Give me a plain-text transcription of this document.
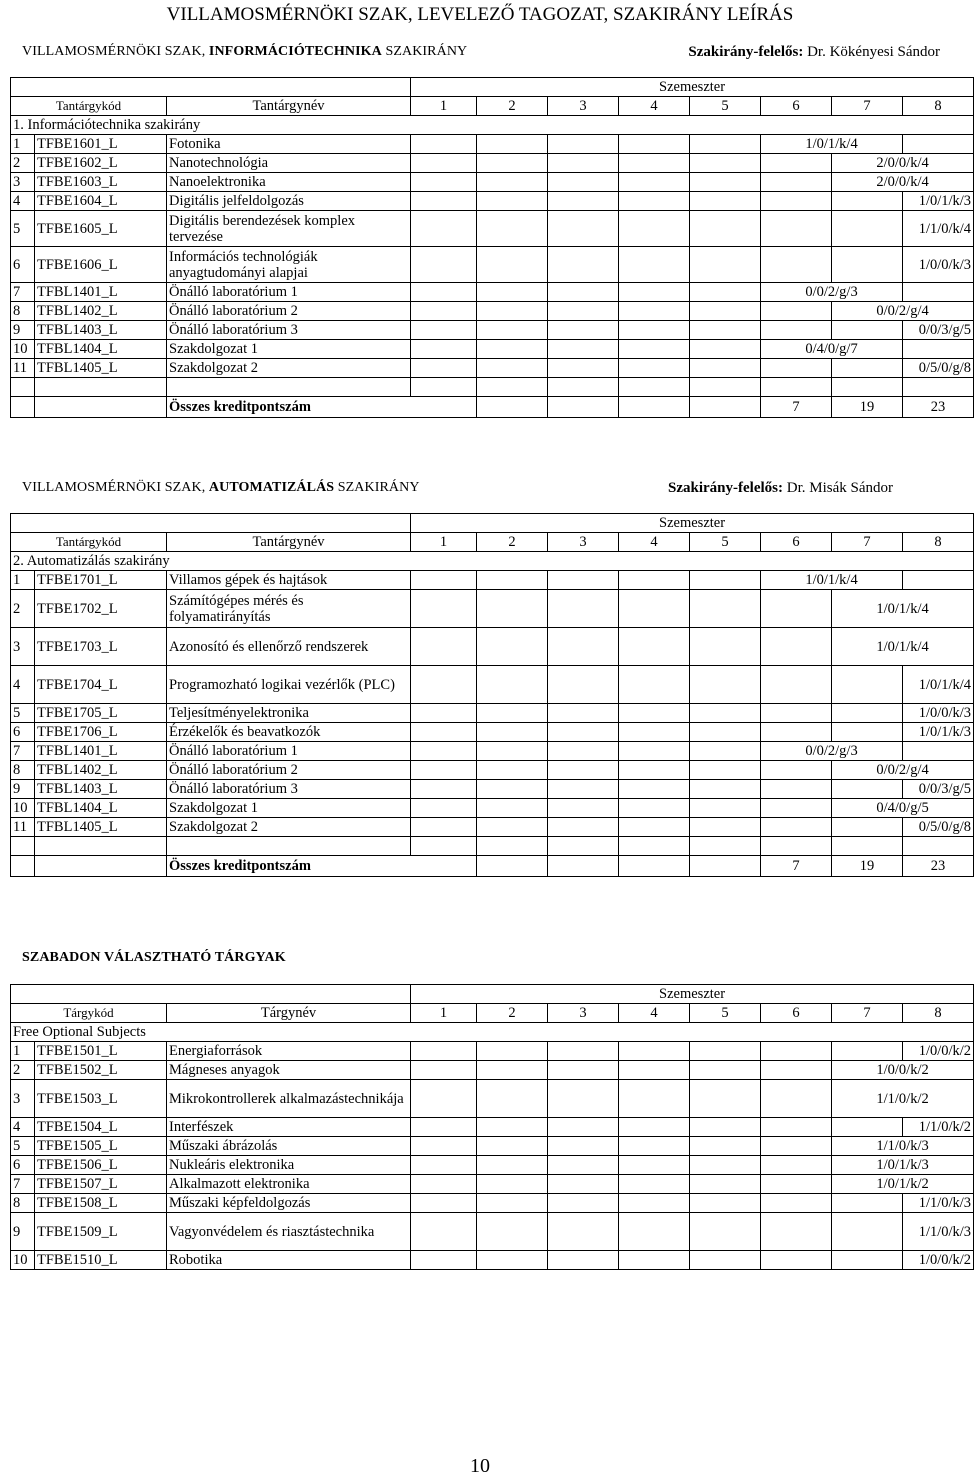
VILLAMOSMÉRNÖKI SZAK, LEVELEZŐ TAGOZAT, SZAKIRÁNY LEÍRÁS
VILLAMOSMÉRNÖKI SZAK, INFORMÁCIÓTECHNIKA SZAKIRÁNY	Szakirány-felelős: Dr. Kökényesi Sándor
			Szemeszter							
Tantárgykód		Tantárgynév	1	2	3	4	5	6	7	8
1. Információtechnika szakirány										
1	TFBE1601_L	Fotonika						1/0/1/k/4		
2	TFBE1602_L	Nanotechnológia							2/0/0/k/4	
3	TFBE1603_L	Nanoelektronika							2/0/0/k/4	
4	TFBE1604_L	Digitális jelfeldolgozás								1/0/1/k/3
5	TFBE1605_L	Digitális berendezések komplex tervezése								1/1/0/k/4
6	TFBE1606_L	Információs technológiák anyagtudományi alapjai								1/0/0/k/3
7	TFBL1401_L	Önálló laboratórium 1						0/0/2/g/3		
8	TFBL1402_L	Önálló laboratórium 2							0/0/2/g/4	
9	TFBL1403_L	Önálló laboratórium 3								0/0/3/g/5
10	TFBL1404_L	Szakdolgozat 1						0/4/0/g/7		
11	TFBL1405_L	Szakdolgozat 2								0/5/0/g/8

		Összes kreditpontszám						7	19	23
VILLAMOSMÉRNÖKI SZAK, AUTOMATIZÁLÁS SZAKIRÁNY	Szakirány-felelős: Dr. Misák Sándor
			Szemeszter							
Tantárgykód		Tantárgynév	1	2	3	4	5	6	7	8
2. Automatizálás szakirány										
1	TFBE1701_L	Villamos gépek és hajtások						1/0/1/k/4		
2	TFBE1702_L	Számítógépes mérés és folyamatirányítás							1/0/1/k/4	
3	TFBE1703_L	Azonosító és ellenőrző rendszerek							1/0/1/k/4	
4	TFBE1704_L	Programozható logikai vezérlők (PLC)								1/0/1/k/4
5	TFBE1705_L	Teljesítményelektronika								1/0/0/k/3
6	TFBE1706_L	Érzékelők és beavatkozók								1/0/1/k/3
7	TFBL1401_L	Önálló laboratórium 1						0/0/2/g/3		
8	TFBL1402_L	Önálló laboratórium 2							0/0/2/g/4	
9	TFBL1403_L	Önálló laboratórium 3								0/0/3/g/5
10	TFBL1404_L	Szakdolgozat 1							0/4/0/g/5	
11	TFBL1405_L	Szakdolgozat 2								0/5/0/g/8

		Összes kreditpontszám						7	19	23
SZABADON VÁLASZTHATÓ TÁRGYAK
			Szemeszter							
Tárgykód		Tárgynév	1	2	3	4	5	6	7	8
Free Optional Subjects										
1	TFBE1501_L	Energiaforrások								1/0/0/k/2
2	TFBE1502_L	Mágneses anyagok							1/0/0/k/2	
3	TFBE1503_L	Mikrokontrollerek alkalmazástechnikája							1/1/0/k/2	
4	TFBE1504_L	Interfészek								1/1/0/k/2
5	TFBE1505_L	Műszaki ábrázolás							1/1/0/k/3	
6	TFBE1506_L	Nukleáris elektronika							1/0/1/k/3	
7	TFBE1507_L	Alkalmazott elektronika							1/0/1/k/2	
8	TFBE1508_L	Műszaki képfeldolgozás								1/1/0/k/3
9	TFBE1509_L	Vagyonvédelem és riasztástechnika								1/1/0/k/3
10	TFBE1510_L	Robotika								1/0/0/k/2
10
